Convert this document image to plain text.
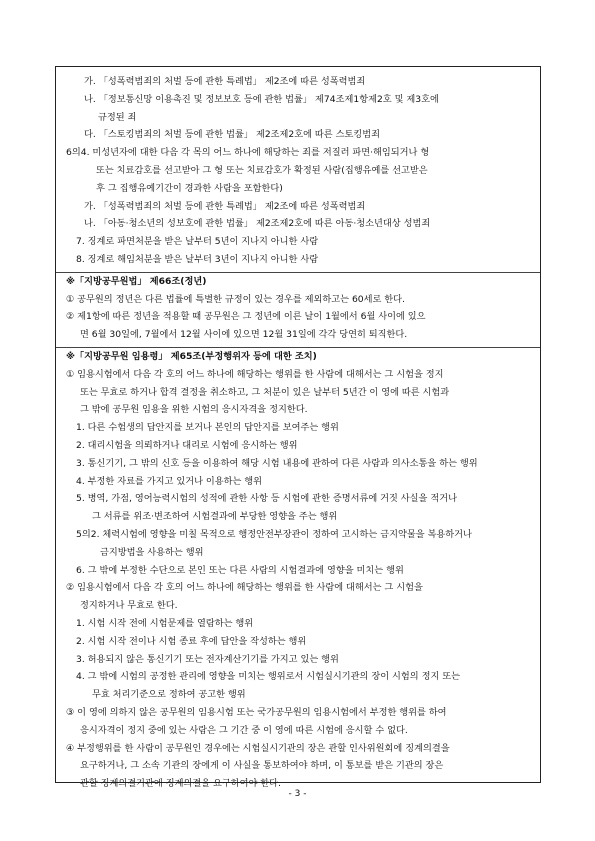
가. 「성폭력범죄의 처벌 등에 관한 특례법」 제2조에 따른 성폭력범죄
나. 「정보통신망 이용촉진 및 정보보호 등에 관한 법률」 제74조제1항제2호 및 제3호에
규정된 죄
다. 「스토킹범죄의 처벌 등에 관한 법률」 제2조제2호에 따른 스토킹범죄
6의4. 미성년자에 대한 다음 각 목의 어느 하나에 해당하는 죄를 저질러 파면·해임되거나 형
또는 치료감호를 선고받아 그 형 또는 치료감호가 확정된 사람(집행유예를 선고받은
후 그 집행유예기간이 경과한 사람을 포함한다)
가. 「성폭력범죄의 처벌 등에 관한 특례법」 제2조에 따른 성폭력범죄
나. 「아동·청소년의 성보호에 관한 법률」 제2조제2호에 따른 아동·청소년대상 성범죄
7. 징계로 파면처분을 받은 날부터 5년이 지나지 아니한 사람
8. 징계로 해임처분을 받은 날부터 3년이 지나지 아니한 사람
※「지방공무원법」 제66조(정년)
① 공무원의 정년은 다른 법률에 특별한 규정이 있는 경우를 제외하고는 60세로 한다.
② 제1항에 따른 정년을 적용할 때 공무원은 그 정년에 이른 날이 1월에서 6월 사이에 있으
면 6월 30일에, 7월에서 12월 사이에 있으면 12월 31일에 각각 당연히 퇴직한다.
※「지방공무원 임용령」 제65조(부정행위자 등에 대한 조치)
① 임용시험에서 다음 각 호의 어느 하나에 해당하는 행위를 한 사람에 대해서는 그 시험을 정지
또는 무효로 하거나 합격 결정을 취소하고, 그 처분이 있은 날부터 5년간 이 영에 따른 시험과
그 밖에 공무원 임용을 위한 시험의 응시자격을 정지한다.
1. 다른 수험생의 답안지를 보거나 본인의 답안지를 보여주는 행위
2. 대리시험을 의뢰하거나 대리로 시험에 응시하는 행위
3. 통신기기, 그 밖의 신호 등을 이용하여 해당 시험 내용에 관하여 다른 사람과 의사소통을 하는 행위
4. 부정한 자료를 가지고 있거나 이용하는 행위
5. 병역, 가점, 영어능력시험의 성적에 관한 사항 등 시험에 관한 증명서류에 거짓 사실을 적거나
그 서류를 위조·변조하여 시험결과에 부당한 영향을 주는 행위
5의2. 체력시험에 영향을 미칠 목적으로 행정안전부장관이 정하여 고시하는 금지약물을 복용하거나
금지방법을 사용하는 행위
6. 그 밖에 부정한 수단으로 본인 또는 다른 사람의 시험결과에 영향을 미치는 행위
② 임용시험에서 다음 각 호의 어느 하나에 해당하는 행위를 한 사람에 대해서는 그 시험을
정지하거나 무효로 한다.
1. 시험 시작 전에 시험문제를 열람하는 행위
2. 시험 시작 전이나 시험 종료 후에 답안을 작성하는 행위
3. 허용되지 않은 통신기기 또는 전자계산기기를 가지고 있는 행위
4. 그 밖에 시험의 공정한 관리에 영향을 미치는 행위로서 시험실시기관의 장이 시험의 정지 또는
무효 처리기준으로 정하여 공고한 행위
③ 이 영에 의하지 않은 공무원의 임용시험 또는 국가공무원의 임용시험에서 부정한 행위를 하여
응시자격이 정지 중에 있는 사람은 그 기간 중 이 영에 따른 시험에 응시할 수 없다.
④ 부정행위를 한 사람이 공무원인 경우에는 시험실시기관의 장은 관할 인사위원회에 징계의결을
요구하거나, 그 소속 기관의 장에게 이 사실을 통보하여야 하며, 이 통보를 받은 기관의 장은
관할 징계의결기관에 징계의결을 요구하여야 한다.
- 3 -
